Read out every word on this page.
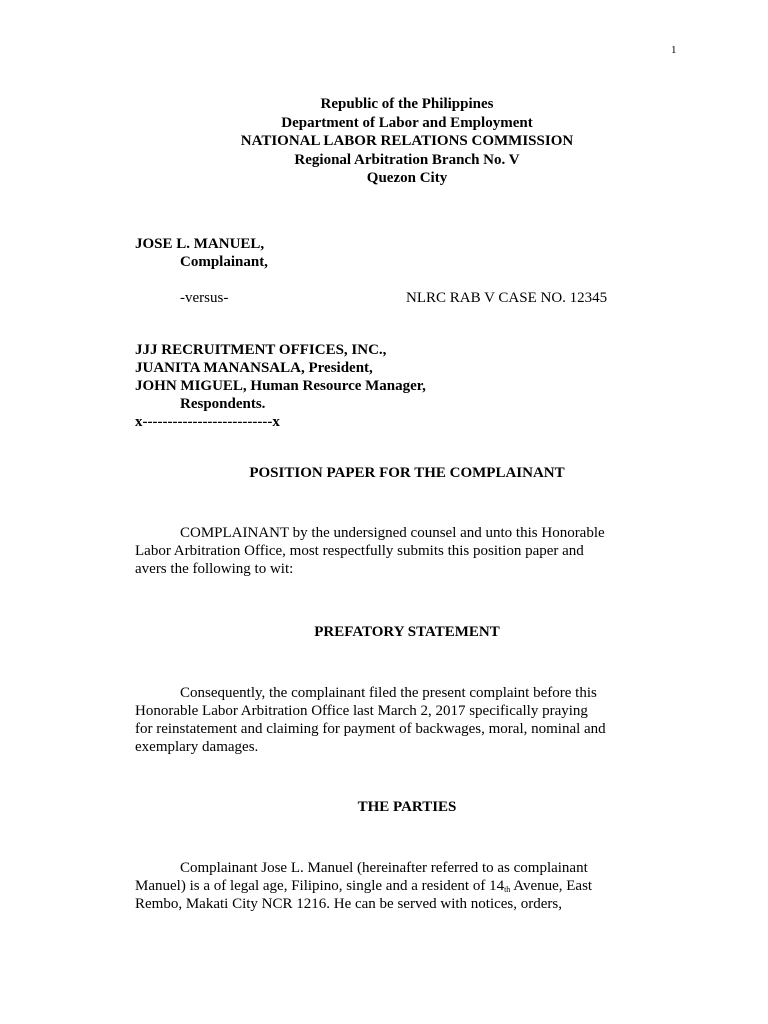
1
Republic of the Philippines
Department of Labor and Employment
NATIONAL LABOR RELATIONS COMMISSION
Regional Arbitration Branch No. V
Quezon City
JOSE L. MANUEL,
Complainant,
-versus-	NLRC RAB V CASE NO. 12345
JJJ RECRUITMENT OFFICES, INC.,
JUANITA MANANSALA, President,
JOHN MIGUEL, Human Resource Manager,
Respondents.
x--------------------------x
POSITION PAPER FOR THE COMPLAINANT
COMPLAINANT by the undersigned counsel and unto this Honorable
Labor Arbitration Office, most respectfully submits this position paper and
avers the following to wit:
PREFATORY STATEMENT
Consequently, the complainant filed the present complaint before this
Honorable Labor Arbitration Office last March 2, 2017 specifically praying
for reinstatement and claiming for payment of backwages, moral, nominal and
exemplary damages.
THE PARTIES
Complainant Jose L. Manuel (hereinafter referred to as complainant
Manuel) is a of legal age, Filipino, single and a resident of $14_{th}$ Avenue, East
Rembo, Makati City NCR 1216. He can be served with notices, orders,
